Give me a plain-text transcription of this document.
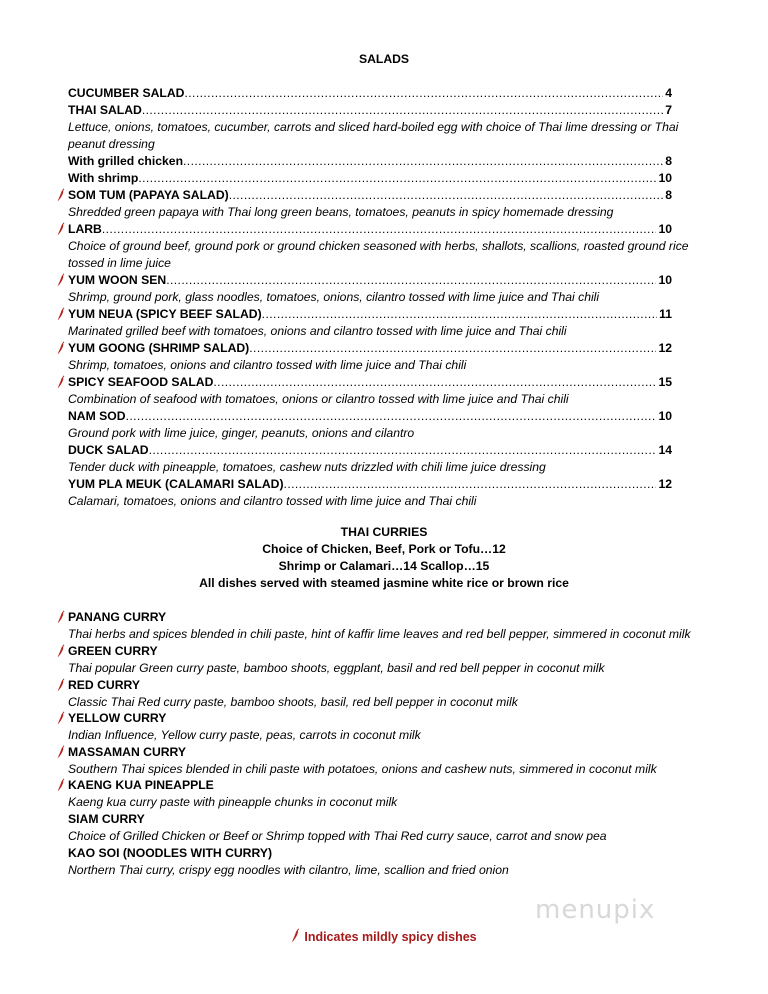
SALADS
CUCUMBER SALAD .....	4
THAI SALAD .....	7
Lettuce, onions, tomatoes, cucumber, carrots and sliced hard-boiled egg with choice of Thai lime dressing or Thai peanut dressing
With grilled chicken .....	8
With shrimp .....	10
SOM TUM (PAPAYA SALAD) .....	8
Shredded green papaya with Thai long green beans, tomatoes, peanuts in spicy homemade dressing
LARB .....	10
Choice of ground beef, ground pork or ground chicken seasoned with herbs, shallots, scallions, roasted ground rice tossed in lime juice
YUM WOON SEN .....	10
Shrimp, ground pork, glass noodles, tomatoes, onions, cilantro tossed with lime juice and Thai chili
YUM NEUA (SPICY BEEF SALAD) .....	11
Marinated grilled beef with tomatoes, onions and cilantro tossed with lime juice and Thai chili
YUM GOONG (SHRIMP SALAD) .....	12
Shrimp, tomatoes, onions and cilantro tossed with lime juice and Thai chili
SPICY SEAFOOD SALAD .....	15
Combination of seafood with tomatoes, onions or cilantro tossed with lime juice and Thai chili
NAM SOD .....	10
Ground pork with lime juice, ginger, peanuts, onions and cilantro
DUCK SALAD .....	14
Tender duck with pineapple, tomatoes, cashew nuts drizzled with chili lime juice dressing
YUM PLA MEUK (CALAMARI SALAD) .....	12
Calamari, tomatoes, onions and cilantro tossed with lime juice and Thai chili
THAI CURRIES
Choice of Chicken, Beef, Pork or Tofu…12
Shrimp or Calamari…14 Scallop…15
All dishes served with steamed jasmine white rice or brown rice
PANANG CURRY
Thai herbs and spices blended in chili paste, hint of kaffir lime leaves and red bell pepper, simmered in coconut milk
GREEN CURRY
Thai popular Green curry paste, bamboo shoots, eggplant, basil and red bell pepper in coconut milk
RED CURRY
Classic Thai Red curry paste, bamboo shoots, basil, red bell pepper in coconut milk
YELLOW CURRY
Indian Influence, Yellow curry paste, peas, carrots in coconut milk
MASSAMAN CURRY
Southern Thai spices blended in chili paste with potatoes, onions and cashew nuts, simmered in coconut milk
KAENG KUA PINEAPPLE
Kaeng kua curry paste with pineapple chunks in coconut milk
SIAM CURRY
Choice of Grilled Chicken or Beef or Shrimp topped with Thai Red curry sauce, carrot and snow pea
KAO SOI (NOODLES WITH CURRY)
Northern Thai curry, crispy egg noodles with cilantro, lime, scallion and fried onion
menupix
Indicates mildly spicy dishes
